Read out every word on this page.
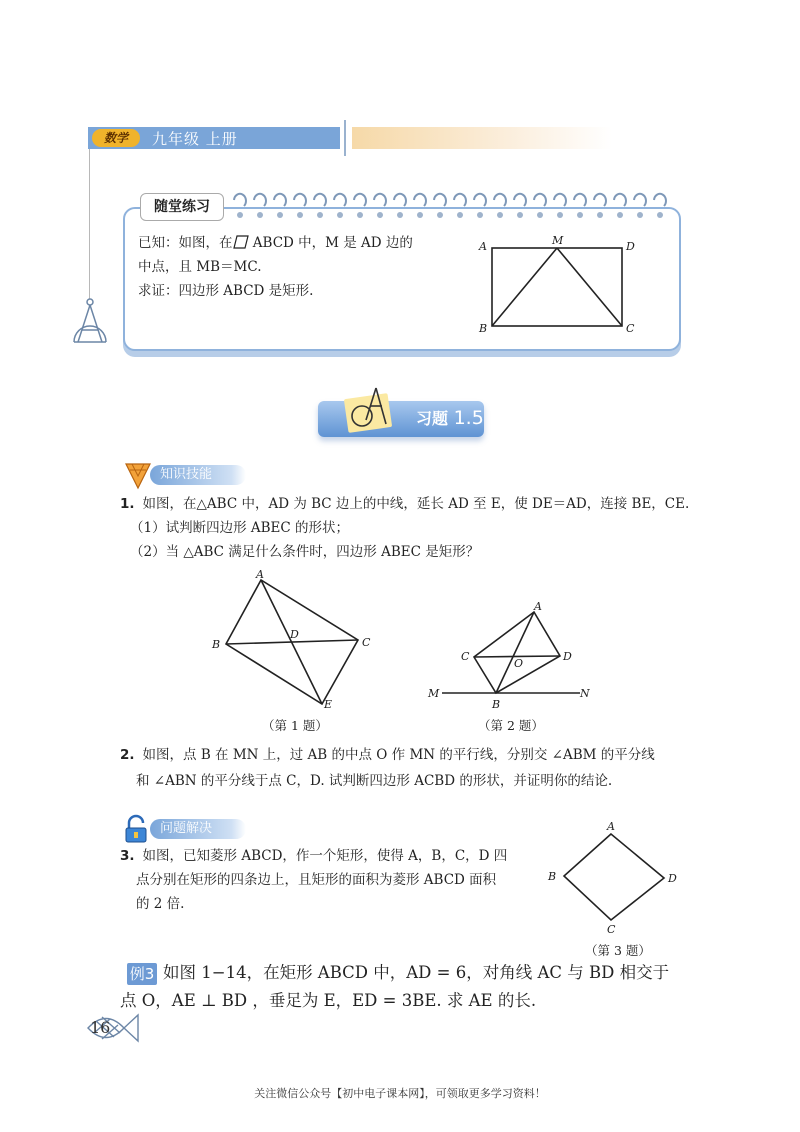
数学	九年级 上册
随堂练习
已知：如图，在 ABCD 中，M 是 AD 边的
中点，且 MB＝MC.
求证：四边形 ABCD 是矩形.
A	M	D
B	C
习题 1.5
知识技能
1. 如图，在△ABC 中，AD 为 BC 边上的中线，延长 AD 至 E，使 DE＝AD，连接 BE，CE.
（1）试判断四边形 ABEC 的形状；
（2）当 △ABC 满足什么条件时，四边形 ABEC 是矩形？
A
B	C
D
E
（第 1 题）
A
C
O
D
M
B
N
（第 2 题）
2. 如图，点 B 在 MN 上，过 AB 的中点 O 作 MN 的平行线，分别交 ∠ABM 的平分线
和 ∠ABN 的平分线于点 C，D. 试判断四边形 ACBD 的形状，并证明你的结论.
问题解决
3. 如图，已知菱形 ABCD，作一个矩形，使得 A，B，C，D 四
点分别在矩形的四条边上，且矩形的面积为菱形 ABCD 面积
的 2 倍.
A
B
C
D
（第 3 题）
例3 如图 1−14，在矩形 ABCD 中，AD = 6，对角线 AC 与 BD 相交于
点 O，AE ⊥ BD ，垂足为 E，ED = 3BE. 求 AE 的长.
16
关注微信公众号【初中电子课本网】，可领取更多学习资料！
